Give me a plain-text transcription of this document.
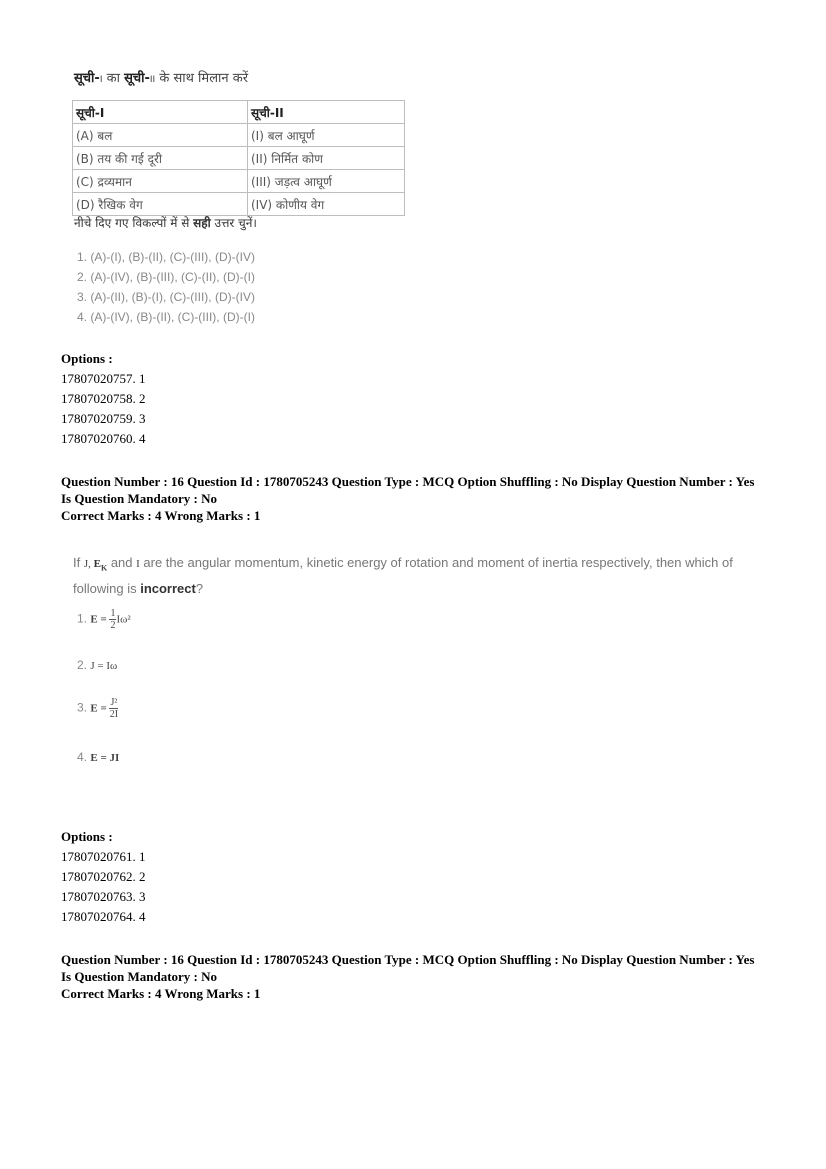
सूची-I का सूची-II के साथ मिलान करें
सूची-I	सूची-II
(A) बल	(I) बल आघूर्ण
(B) तय की गई दूरी	(II) निर्मित कोण
(C) द्रव्यमान	(III) जड़त्व आघूर्ण
(D) रैखिक वेग	(IV) कोणीय वेग
नीचे दिए गए विकल्पों में से सही उत्तर चुनें।
1. (A)-(I), (B)-(II), (C)-(III), (D)-(IV)
2. (A)-(IV), (B)-(III), (C)-(II), (D)-(I)
3. (A)-(II), (B)-(I), (C)-(III), (D)-(IV)
4. (A)-(IV), (B)-(II), (C)-(III), (D)-(I)
Options :
17807020757. 1
17807020758. 2
17807020759. 3
17807020760. 4
Question Number : 16 Question Id : 1780705243 Question Type : MCQ Option Shuffling : No Display Question Number : Yes
Is Question Mandatory : No
Correct Marks : 4 Wrong Marks : 1
If J, $E_K$ and I are the angular momentum, kinetic energy of rotation and moment of inertia respectively, then which of
following is incorrect?
1. $E = \frac{1}{2} I\omega^2$
2. J = Iω
3. $E = \frac{\text{J²}}{2I}$
4. E = JI
Options :
17807020761. 1
17807020762. 2
17807020763. 3
17807020764. 4
Question Number : 16 Question Id : 1780705243 Question Type : MCQ Option Shuffling : No Display Question Number : Yes
Is Question Mandatory : No
Correct Marks : 4 Wrong Marks : 1
